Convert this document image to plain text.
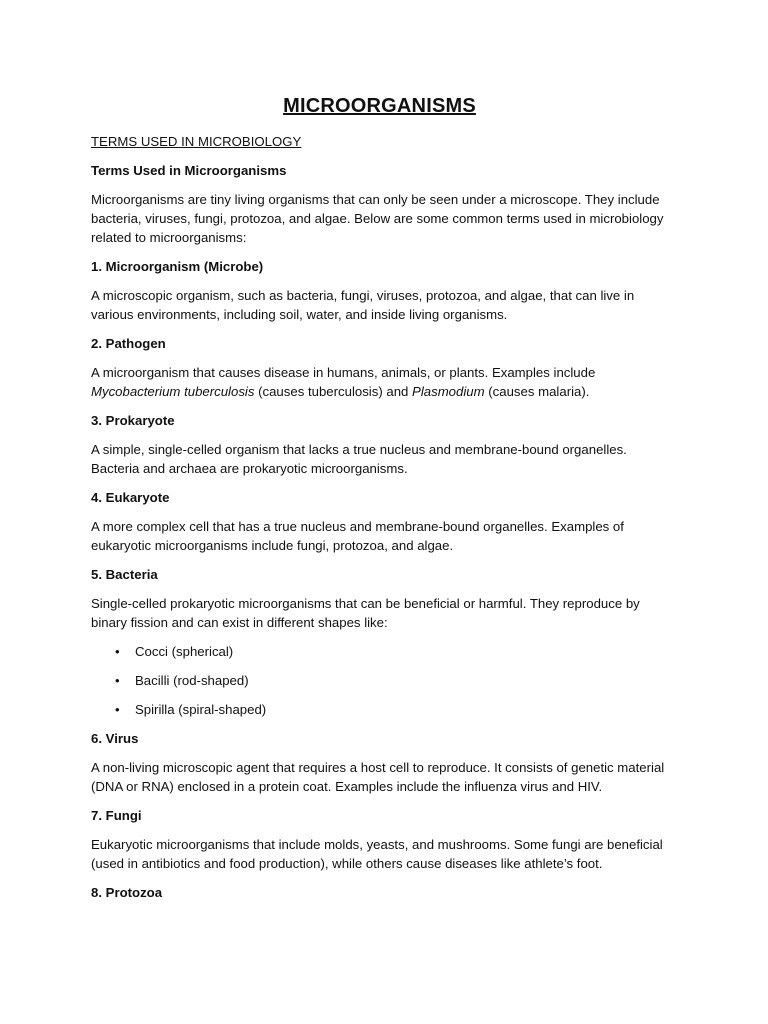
MICROORGANISMS
TERMS USED IN MICROBIOLOGY
Terms Used in Microorganisms

Microorganisms are tiny living organisms that can only be seen under a microscope. They include bacteria, viruses, fungi, protozoa, and algae. Below are some common terms used in microbiology related to microorganisms:

1. Microorganism (Microbe)

A microscopic organism, such as bacteria, fungi, viruses, protozoa, and algae, that can live in various environments, including soil, water, and inside living organisms.

2. Pathogen

A microorganism that causes disease in humans, animals, or plants. Examples include Mycobacterium tuberculosis (causes tuberculosis) and Plasmodium (causes malaria).

3. Prokaryote

A simple, single-celled organism that lacks a true nucleus and membrane-bound organelles. Bacteria and archaea are prokaryotic microorganisms.

4. Eukaryote

A more complex cell that has a true nucleus and membrane-bound organelles. Examples of eukaryotic microorganisms include fungi, protozoa, and algae.

5. Bacteria

Single-celled prokaryotic microorganisms that can be beneficial or harmful. They reproduce by binary fission and can exist in different shapes like:

• Cocci (spherical)
• Bacilli (rod-shaped)
• Spirilla (spiral-shaped)
6. Virus

A non-living microscopic agent that requires a host cell to reproduce. It consists of genetic material (DNA or RNA) enclosed in a protein coat. Examples include the influenza virus and HIV.

7. Fungi

Eukaryotic microorganisms that include molds, yeasts, and mushrooms. Some fungi are beneficial (used in antibiotics and food production), while others cause diseases like athlete’s foot.

8. Protozoa
